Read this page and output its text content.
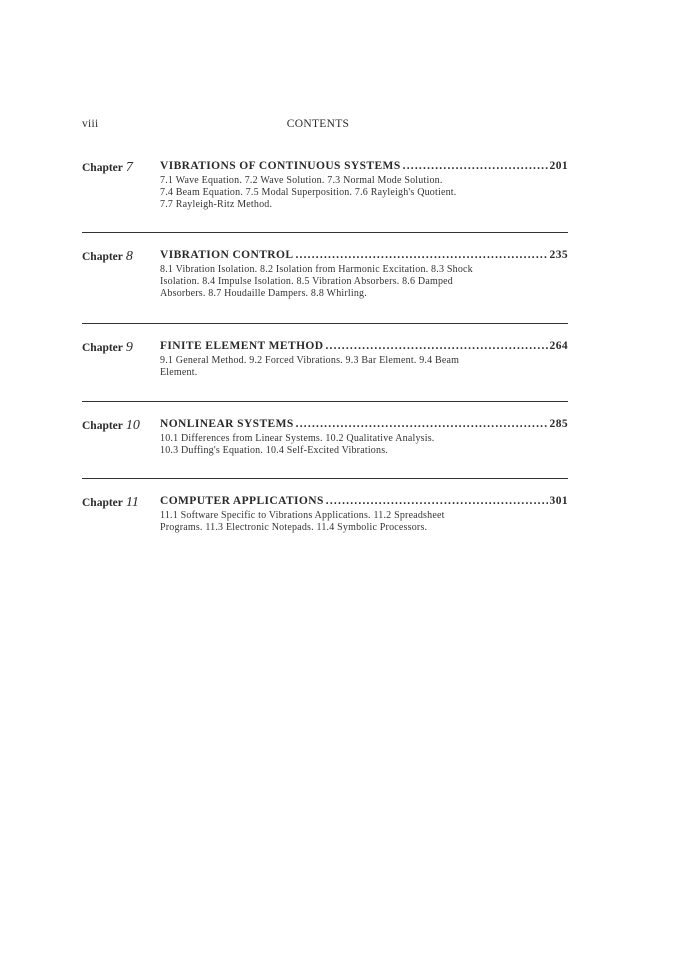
viii	CONTENTS
Chapter 7 VIBRATIONS OF CONTINUOUS SYSTEMS .....	201
7.1 Wave Equation. 7.2 Wave Solution. 7.3 Normal Mode Solution.
7.4 Beam Equation. 7.5 Modal Superposition. 7.6 Rayleigh's Quotient.
7.7 Rayleigh-Ritz Method.
Chapter 8 VIBRATION CONTROL .....	235
8.1 Vibration Isolation. 8.2 Isolation from Harmonic Excitation. 8.3 Shock
Isolation. 8.4 Impulse Isolation. 8.5 Vibration Absorbers. 8.6 Damped
Absorbers. 8.7 Houdaille Dampers. 8.8 Whirling.
Chapter 9 FINITE ELEMENT METHOD .....	264
9.1 General Method. 9.2 Forced Vibrations. 9.3 Bar Element. 9.4 Beam
Element.
Chapter 10 NONLINEAR SYSTEMS .....	285
10.1 Differences from Linear Systems. 10.2 Qualitative Analysis.
10.3 Duffing's Equation. 10.4 Self-Excited Vibrations.
Chapter 11 COMPUTER APPLICATIONS .....	301
11.1 Software Specific to Vibrations Applications. 11.2 Spreadsheet
Programs. 11.3 Electronic Notepads. 11.4 Symbolic Processors.
